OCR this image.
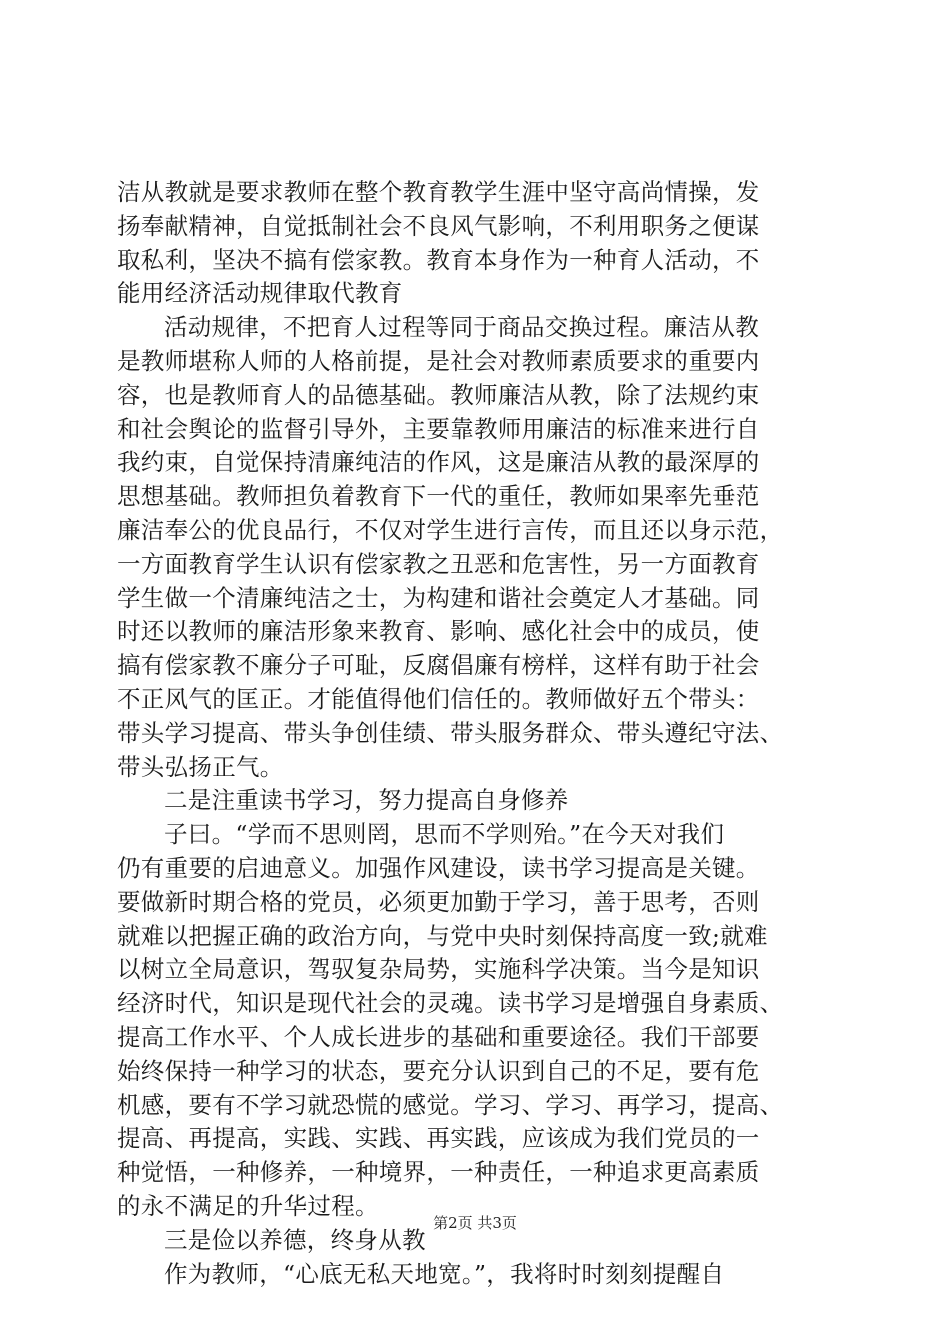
洁从教就是要求教师在整个教育教学生涯中坚守高尚情操，发
扬奉献精神，自觉抵制社会不良风气影响，不利用职务之便谋
取私利，坚决不搞有偿家教。教育本身作为一种育人活动，不
能用经济活动规律取代教育
活动规律，不把育人过程等同于商品交换过程。廉洁从教
是教师堪称人师的人格前提，是社会对教师素质要求的重要内
容，也是教师育人的品德基础。教师廉洁从教，除了法规约束
和社会舆论的监督引导外，主要靠教师用廉洁的标准来进行自
我约束，自觉保持清廉纯洁的作风，这是廉洁从教的最深厚的
思想基础。教师担负着教育下一代的重任，教师如果率先垂范
廉洁奉公的优良品行，不仅对学生进行言传，而且还以身示范，
一方面教育学生认识有偿家教之丑恶和危害性，另一方面教育
学生做一个清廉纯洁之士，为构建和谐社会奠定人才基础。同
时还以教师的廉洁形象来教育、影响、感化社会中的成员，使
搞有偿家教不廉分子可耻，反腐倡廉有榜样，这样有助于社会
不正风气的匡正。才能值得他们信任的。教师做好五个带头：
带头学习提高、带头争创佳绩、带头服务群众、带头遵纪守法、
带头弘扬正气。
二是注重读书学习，努力提高自身修养
子曰。“学而不思则罔，思而不学则殆。”在今天对我们
仍有重要的启迪意义。加强作风建设，读书学习提高是关键。
要做新时期合格的党员，必须更加勤于学习，善于思考，否则
就难以把握正确的政治方向，与党中央时刻保持高度一致;就难
以树立全局意识，驾驭复杂局势，实施科学决策。当今是知识
经济时代，知识是现代社会的灵魂。读书学习是增强自身素质、
提高工作水平、个人成长进步的基础和重要途径。我们干部要
始终保持一种学习的状态，要充分认识到自己的不足，要有危
机感，要有不学习就恐慌的感觉。学习、学习、再学习，提高、
提高、再提高，实践、实践、再实践，应该成为我们党员的一
种觉悟，一种修养，一种境界，一种责任，一种追求更高素质
的永不满足的升华过程。
三是俭以养德，终身从教
作为教师，“心底无私天地宽。”，我将时时刻刻提醒自
第2页 共3页
